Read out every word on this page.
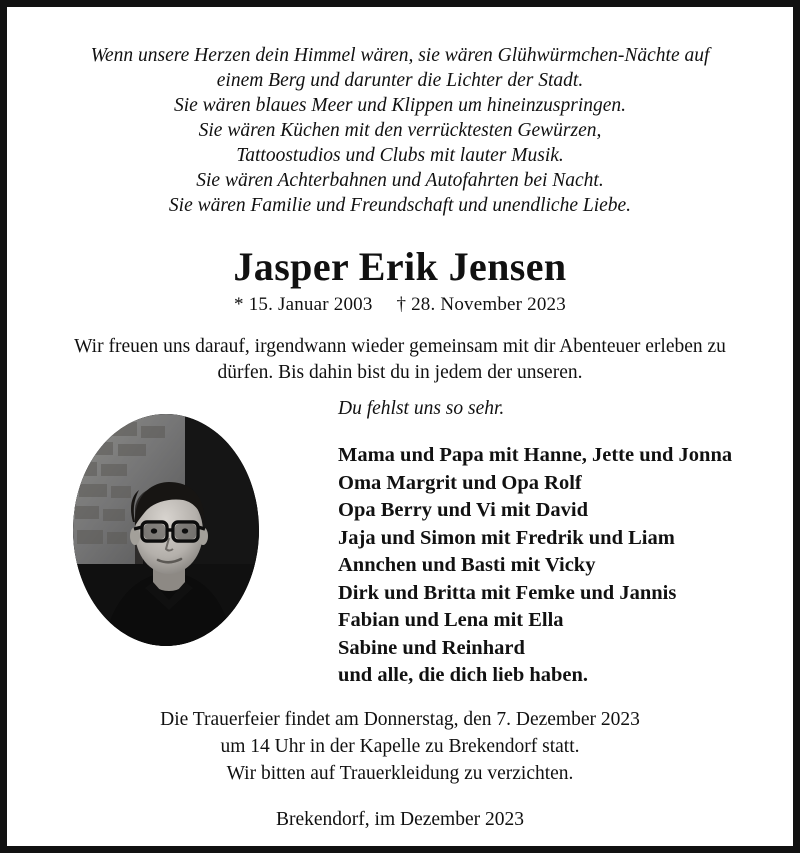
Wenn unsere Herzen dein Himmel wären, sie wären Glühwürmchen-Nächte auf
einem Berg und darunter die Lichter der Stadt.
Sie wären blaues Meer und Klippen um hineinzuspringen.
Sie wären Küchen mit den verrücktesten Gewürzen,
Tattoostudios und Clubs mit lauter Musik.
Sie wären Achterbahnen und Autofahrten bei Nacht.
Sie wären Familie und Freundschaft und unendliche Liebe.
Jasper Erik Jensen
* 15. Januar 2003 † 28. November 2023
Wir freuen uns darauf, irgendwann wieder gemeinsam mit dir Abenteuer erleben zu
dürfen. Bis dahin bist du in jedem der unseren.
Du fehlst uns so sehr.
Mama und Papa mit Hanne, Jette und Jonna
Oma Margrit und Opa Rolf
Opa Berry und Vi mit David
Jaja und Simon mit Fredrik und Liam
Annchen und Basti mit Vicky
Dirk und Britta mit Femke und Jannis
Fabian und Lena mit Ella
Sabine und Reinhard
und alle, die dich lieb haben.
Die Trauerfeier findet am Donnerstag, den 7. Dezember 2023
um 14 Uhr in der Kapelle zu Brekendorf statt.
Wir bitten auf Trauerkleidung zu verzichten.
Brekendorf, im Dezember 2023
